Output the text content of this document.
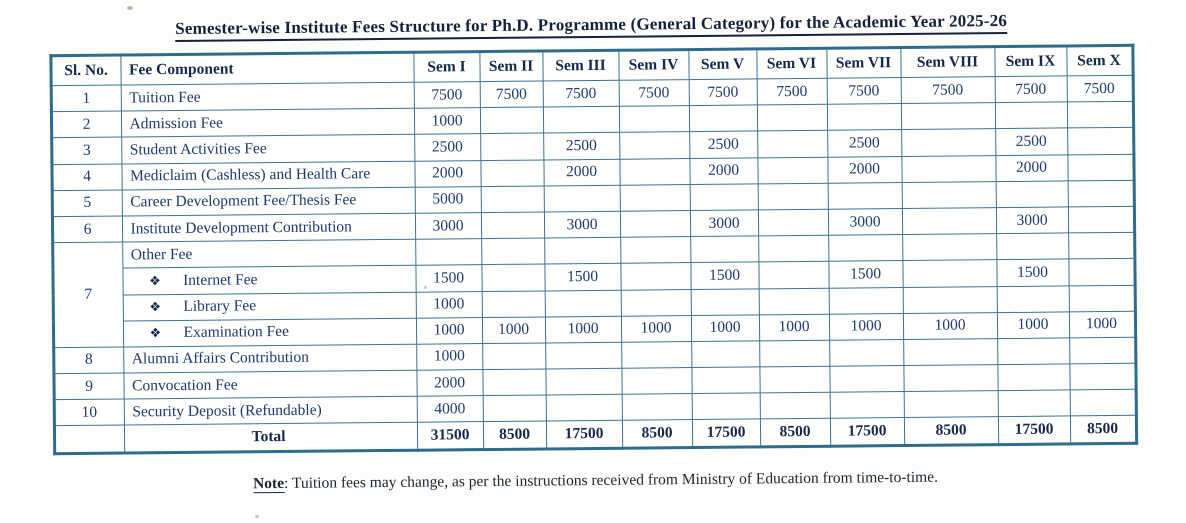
Semester-wise Institute Fees Structure for Ph.D. Programme (General Category) for the Academic Year 2025-26
Sl. No.	Fee Component	Sem I	Sem II	Sem III	Sem IV	Sem V	Sem VI	Sem VII	Sem VIII	Sem IX	Sem X
1	Tuition Fee	7500	7500	7500	7500	7500	7500	7500	7500	7500	7500
2	Admission Fee	1000									
3	Student Activities Fee	2500		2500		2500		2500		2500	
4	Mediclaim (Cashless) and Health Care	2000		2000		2000		2000		2000	
5	Career Development Fee/Thesis Fee	5000									
6	Institute Development Contribution	3000		3000		3000		3000		3000	
7	Other Fee										
	❖ Internet Fee	1500		1500		1500		1500		1500	
	❖ Library Fee	1000									
	❖ Examination Fee	1000	1000	1000	1000	1000	1000	1000	1000	1000	1000
8	Alumni Affairs Contribution	1000									
9	Convocation Fee	2000									
10	Security Deposit (Refundable)	4000									
	Total	31500	8500	17500	8500	17500	8500	17500	8500	17500	8500
Note: Tuition fees may change, as per the instructions received from Ministry of Education from time-to-time.
